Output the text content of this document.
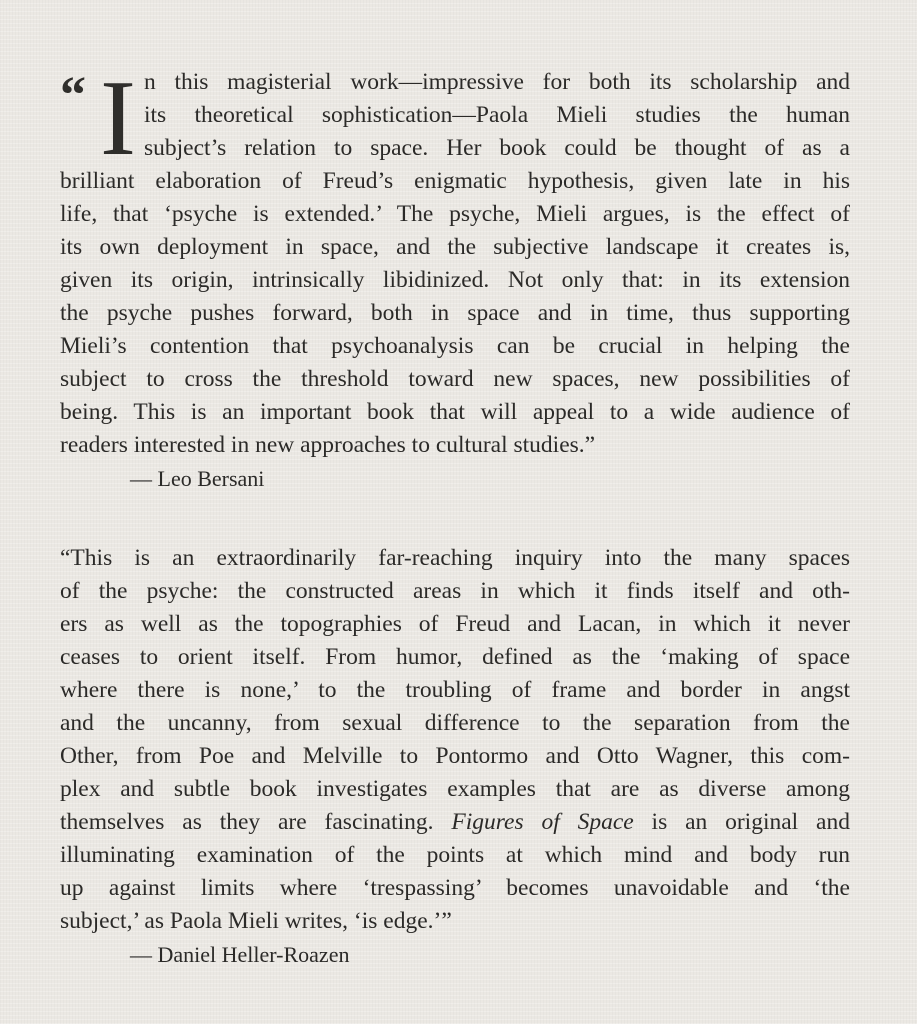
“ I n this magisterial work—impressive for both its scholarship and
its theoretical sophistication—Paola Mieli studies the human
subject’s relation to space. Her book could be thought of as a
brilliant elaboration of Freud’s enigmatic hypothesis, given late in his
life, that ‘psyche is extended.’ The psyche, Mieli argues, is the effect of
its own deployment in space, and the subjective landscape it creates is,
given its origin, intrinsically libidinized. Not only that: in its extension
the psyche pushes forward, both in space and in time, thus supporting
Mieli’s contention that psychoanalysis can be crucial in helping the
subject to cross the threshold toward new spaces, new possibilities of
being. This is an important book that will appeal to a wide audience of
readers interested in new approaches to cultural studies.”
— Leo Bersani
“This is an extraordinarily far-reaching inquiry into the many spaces
of the psyche: the constructed areas in which it finds itself and oth-
ers as well as the topographies of Freud and Lacan, in which it never
ceases to orient itself. From humor, defined as the ‘making of space
where there is none,’ to the troubling of frame and border in angst
and the uncanny, from sexual difference to the separation from the
Other, from Poe and Melville to Pontormo and Otto Wagner, this com-
plex and subtle book investigates examples that are as diverse among
themselves as they are fascinating. Figures of Space is an original and
illuminating examination of the points at which mind and body run
up against limits where ‘trespassing’ becomes unavoidable and ‘the
subject,’ as Paola Mieli writes, ‘is edge.’”
— Daniel Heller-Roazen
